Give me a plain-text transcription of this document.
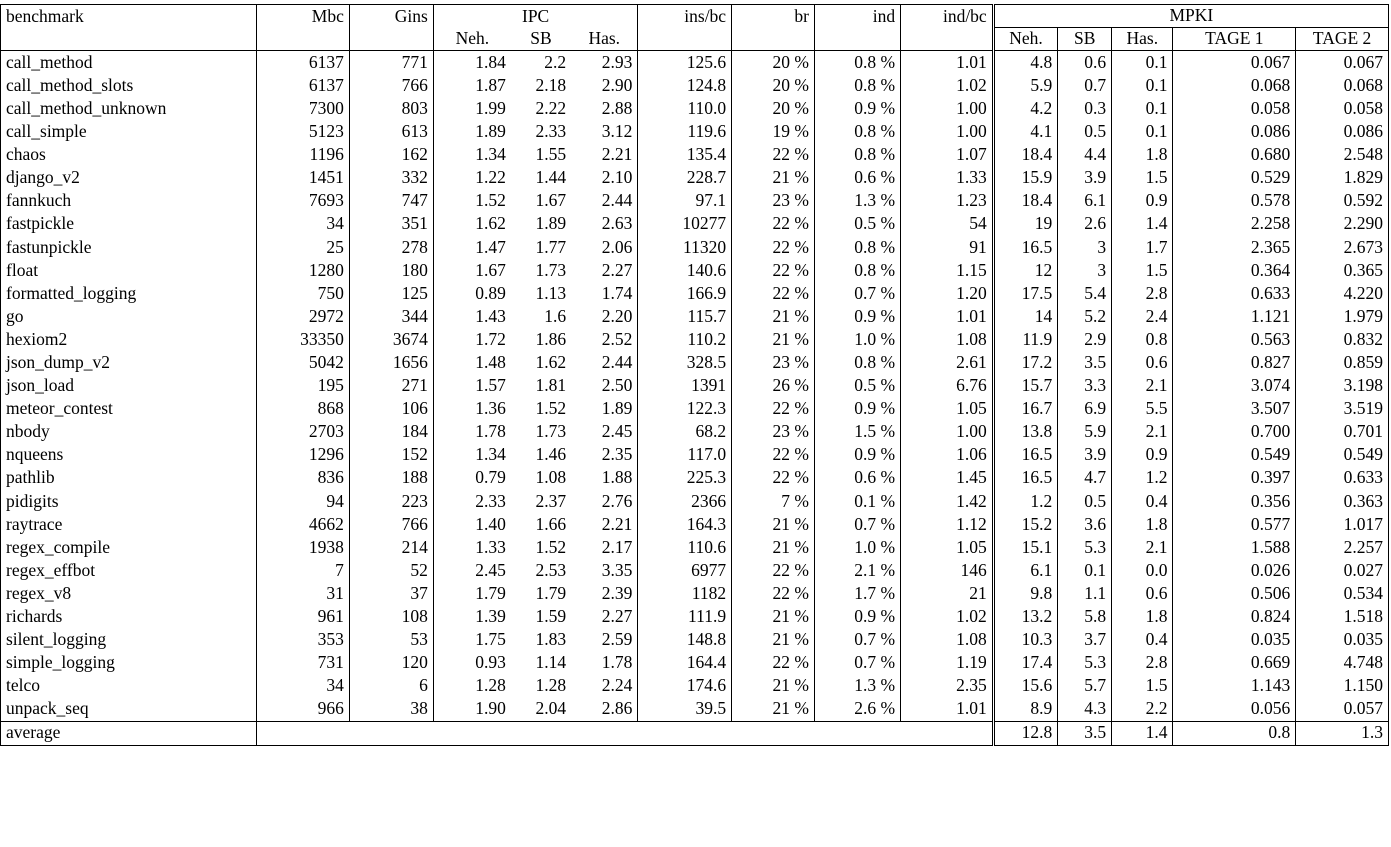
benchmark	Mbc	Gins	IPC			ins/bc	br	ind	ind/bc	MPKI				
			Neh.	SB	Has.					Neh.	SB	Has.	TAGE 1	TAGE 2
call_method	6137	771	1.84	2.2	2.93	125.6	20 %	0.8 %	1.01	4.8	0.6	0.1	0.067	0.067
call_method_slots	6137	766	1.87	2.18	2.90	124.8	20 %	0.8 %	1.02	5.9	0.7	0.1	0.068	0.068
call_method_unknown	7300	803	1.99	2.22	2.88	110.0	20 %	0.9 %	1.00	4.2	0.3	0.1	0.058	0.058
call_simple	5123	613	1.89	2.33	3.12	119.6	19 %	0.8 %	1.00	4.1	0.5	0.1	0.086	0.086
chaos	1196	162	1.34	1.55	2.21	135.4	22 %	0.8 %	1.07	18.4	4.4	1.8	0.680	2.548
django_v2	1451	332	1.22	1.44	2.10	228.7	21 %	0.6 %	1.33	15.9	3.9	1.5	0.529	1.829
fannkuch	7693	747	1.52	1.67	2.44	97.1	23 %	1.3 %	1.23	18.4	6.1	0.9	0.578	0.592
fastpickle	34	351	1.62	1.89	2.63	10277	22 %	0.5 %	54	19	2.6	1.4	2.258	2.290
fastunpickle	25	278	1.47	1.77	2.06	11320	22 %	0.8 %	91	16.5	3	1.7	2.365	2.673
float	1280	180	1.67	1.73	2.27	140.6	22 %	0.8 %	1.15	12	3	1.5	0.364	0.365
formatted_logging	750	125	0.89	1.13	1.74	166.9	22 %	0.7 %	1.20	17.5	5.4	2.8	0.633	4.220
go	2972	344	1.43	1.6	2.20	115.7	21 %	0.9 %	1.01	14	5.2	2.4	1.121	1.979
hexiom2	33350	3674	1.72	1.86	2.52	110.2	21 %	1.0 %	1.08	11.9	2.9	0.8	0.563	0.832
json_dump_v2	5042	1656	1.48	1.62	2.44	328.5	23 %	0.8 %	2.61	17.2	3.5	0.6	0.827	0.859
json_load	195	271	1.57	1.81	2.50	1391	26 %	0.5 %	6.76	15.7	3.3	2.1	3.074	3.198
meteor_contest	868	106	1.36	1.52	1.89	122.3	22 %	0.9 %	1.05	16.7	6.9	5.5	3.507	3.519
nbody	2703	184	1.78	1.73	2.45	68.2	23 %	1.5 %	1.00	13.8	5.9	2.1	0.700	0.701
nqueens	1296	152	1.34	1.46	2.35	117.0	22 %	0.9 %	1.06	16.5	3.9	0.9	0.549	0.549
pathlib	836	188	0.79	1.08	1.88	225.3	22 %	0.6 %	1.45	16.5	4.7	1.2	0.397	0.633
pidigits	94	223	2.33	2.37	2.76	2366	7 %	0.1 %	1.42	1.2	0.5	0.4	0.356	0.363
raytrace	4662	766	1.40	1.66	2.21	164.3	21 %	0.7 %	1.12	15.2	3.6	1.8	0.577	1.017
regex_compile	1938	214	1.33	1.52	2.17	110.6	21 %	1.0 %	1.05	15.1	5.3	2.1	1.588	2.257
regex_effbot	7	52	2.45	2.53	3.35	6977	22 %	2.1 %	146	6.1	0.1	0.0	0.026	0.027
regex_v8	31	37	1.79	1.79	2.39	1182	22 %	1.7 %	21	9.8	1.1	0.6	0.506	0.534
richards	961	108	1.39	1.59	2.27	111.9	21 %	0.9 %	1.02	13.2	5.8	1.8	0.824	1.518
silent_logging	353	53	1.75	1.83	2.59	148.8	21 %	0.7 %	1.08	10.3	3.7	0.4	0.035	0.035
simple_logging	731	120	0.93	1.14	1.78	164.4	22 %	0.7 %	1.19	17.4	5.3	2.8	0.669	4.748
telco	34	6	1.28	1.28	2.24	174.6	21 %	1.3 %	2.35	15.6	5.7	1.5	1.143	1.150
unpack_seq	966	38	1.90	2.04	2.86	39.5	21 %	2.6 %	1.01	8.9	4.3	2.2	0.056	0.057
average										12.8	3.5	1.4	0.8	1.3
